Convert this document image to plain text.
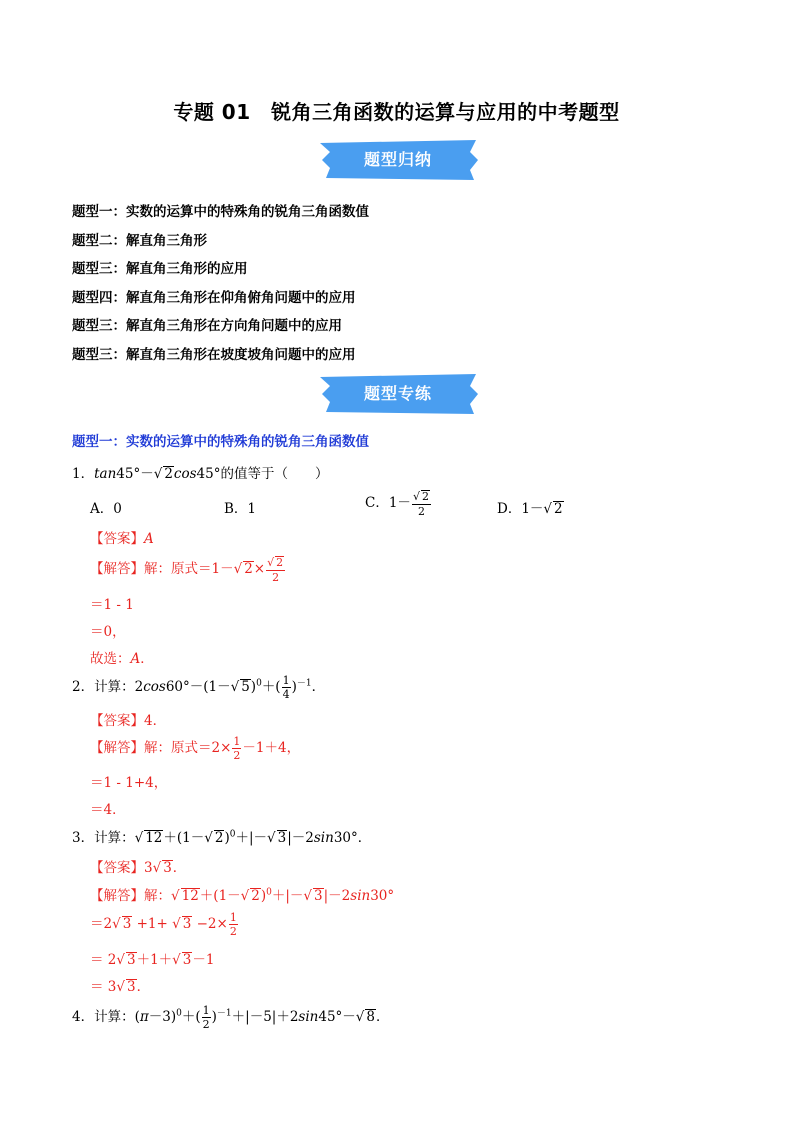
专题 01　锐角三角函数的运算与应用的中考题型
题型归纳
题型一：实数的运算中的特殊角的锐角三角函数值
题型二：解直角三角形
题型三：解直角三角形的应用
题型四：解直角三角形在仰角俯角问题中的应用
题型三：解直角三角形在方向角问题中的应用
题型三：解直角三角形在坡度坡角问题中的应用
题型专练
题型一：实数的运算中的特殊角的锐角三角函数值
1．tan45°－√ 2cos45°的值等于（　　）
A．0	B．1	C．$1- \frac{√ 2}{2}$	D．1－√ 2
【答案】A
【解答】解：原式＝1－√ $2\times \frac{√ 2}{2}$
＝1 - 1
＝0，
故选：A．
2．计算：2cos60°－(1－√ $5)^0+( \frac{1}{4} )^{-1}$．
【答案】4．
【解答】解：原式$=2\times \frac{1}{2} -1+4$，
＝1 - 1+4，
＝4．
3．计算：√ 12＋(1－√ 2)$^0$＋|－√ 3|－2sin30°．
【答案】3√ 3．
【解答】解：√ 12＋(1－√ 2)$^0$＋|－√ 3|－2sin30°
＝2√ 3 +1+ √ $3 -2\times \frac{1}{2}$
＝ 2√ 3＋1＋√ 3－1
＝ 3√ 3．
4．计算：$(\pi-3)^0+( \frac{1}{2} )^{-1}+|-5|+2\sin 45^\circ-√$ 8．
